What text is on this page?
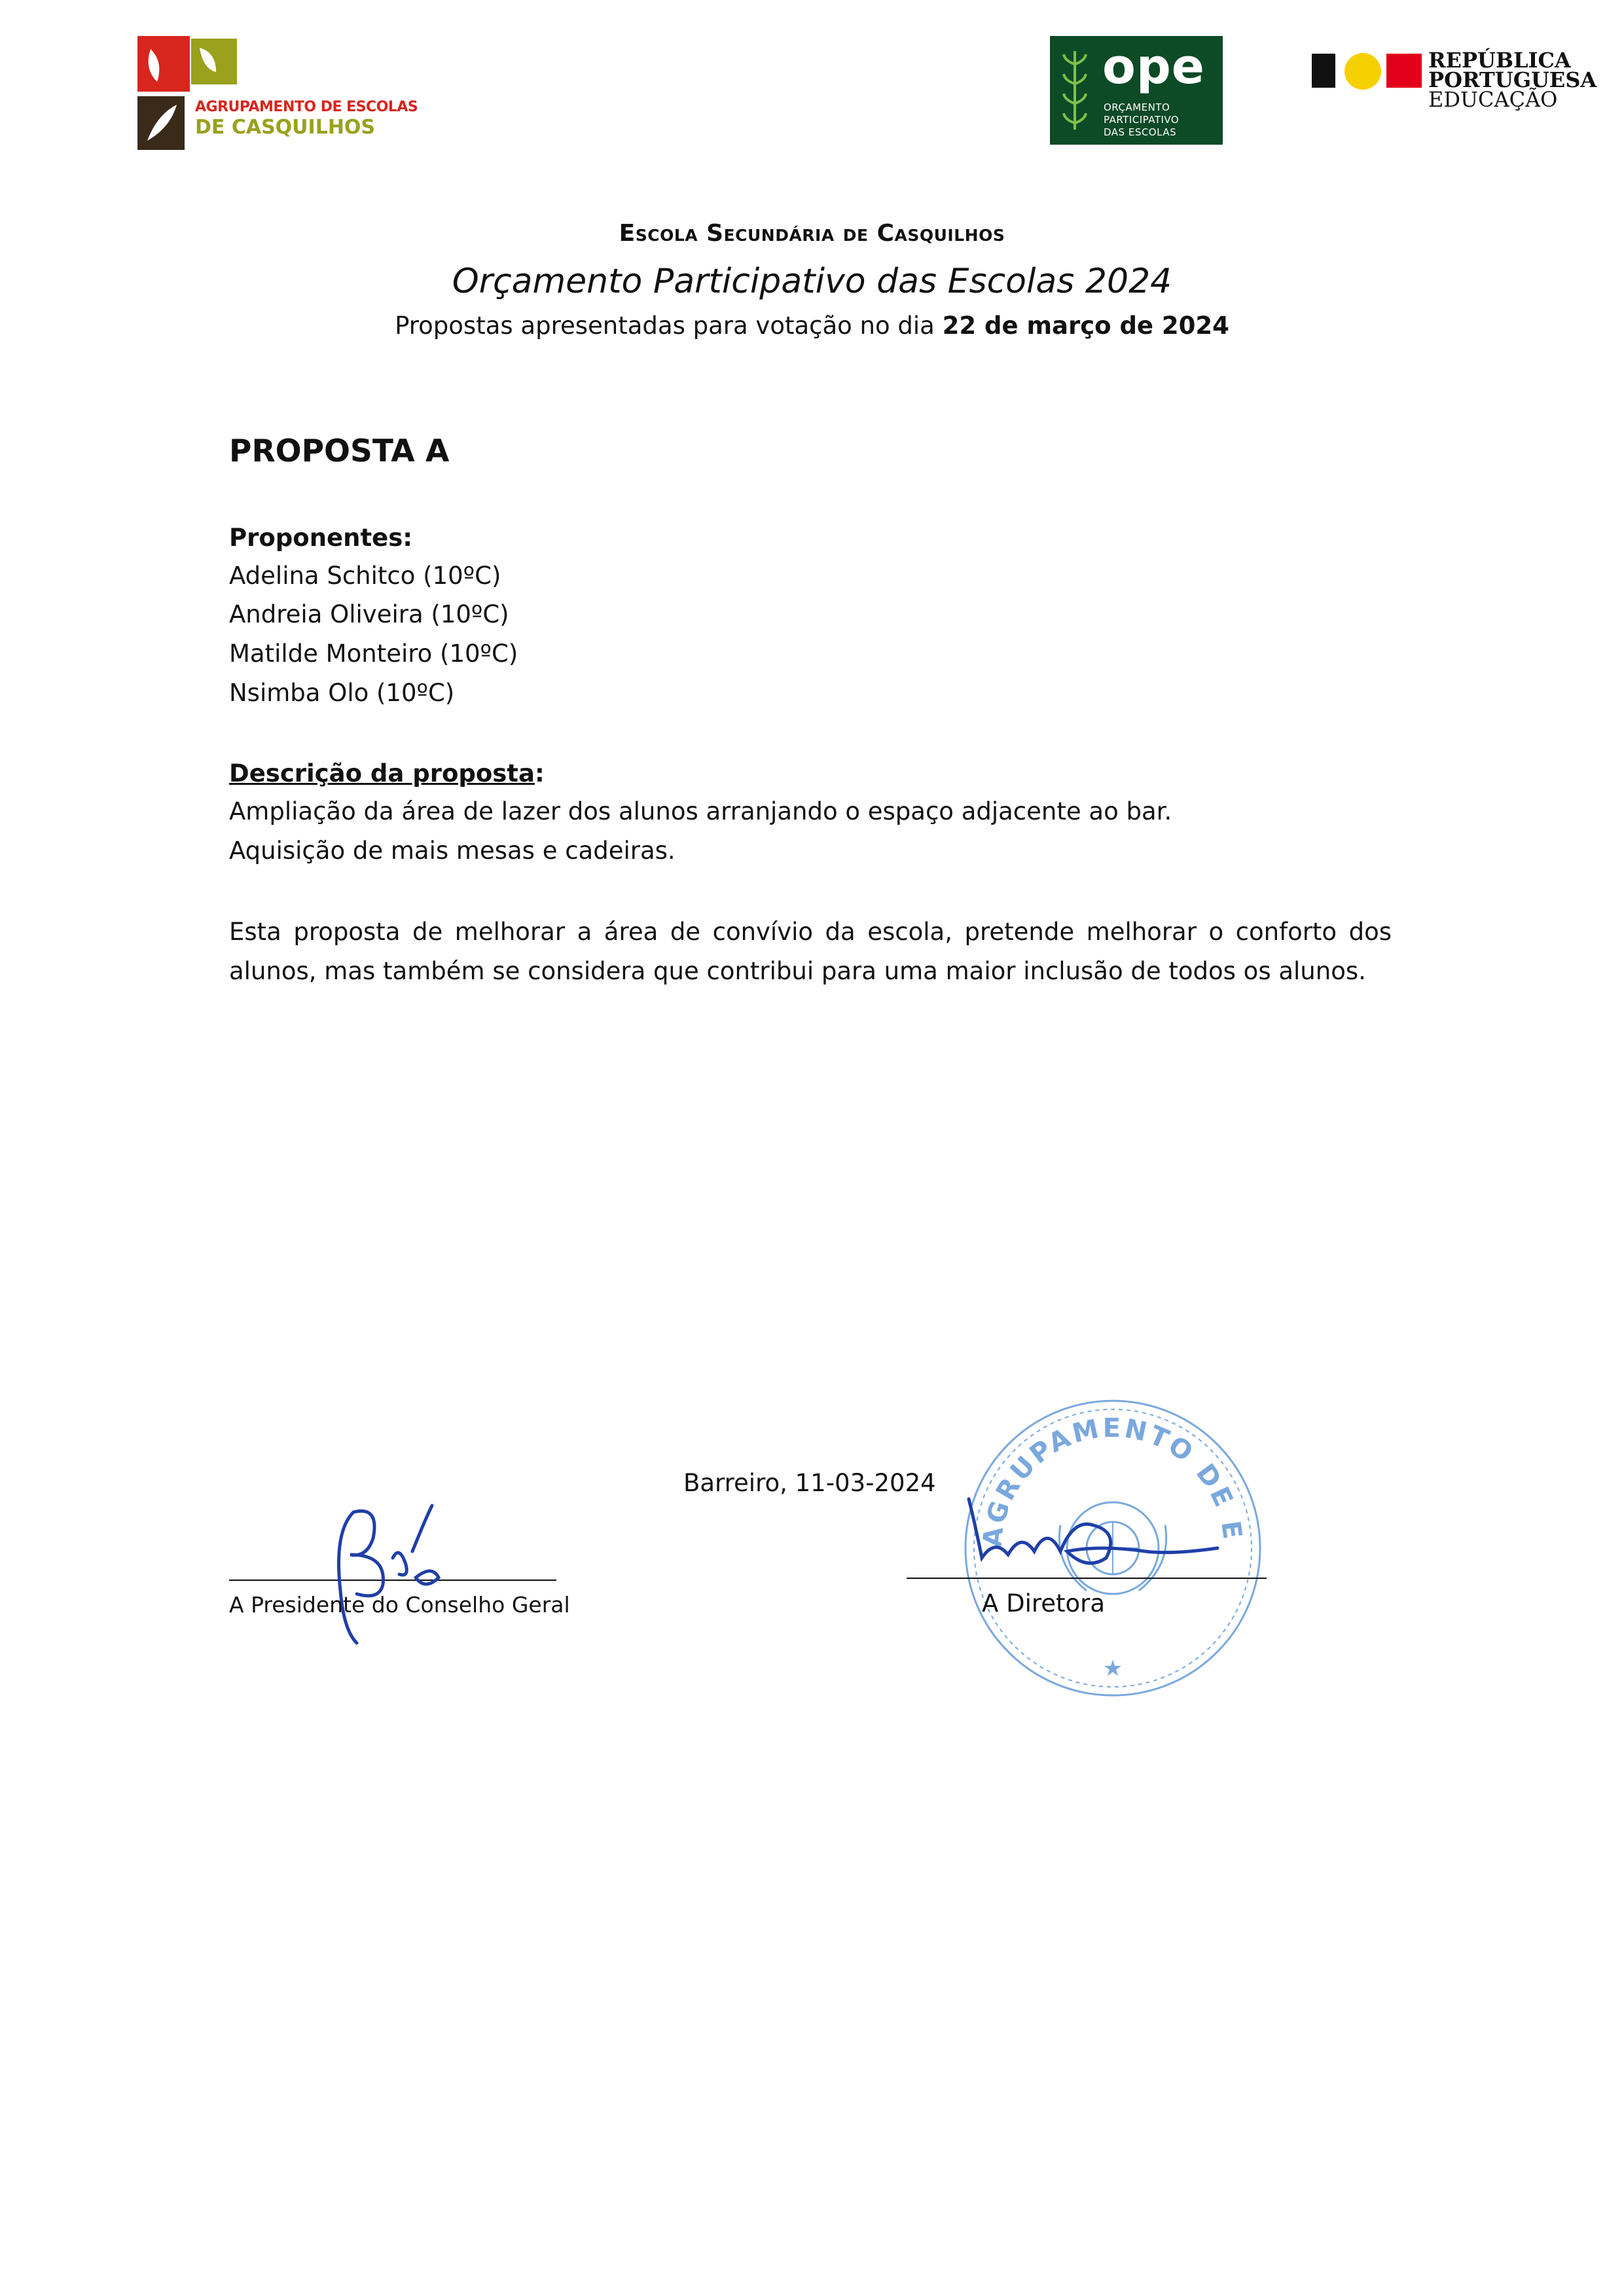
AGRUPAMENTO DE ESCOLAS
DE CASQUILHOS
ope
ORÇAMENTO
PARTICIPATIVO
DAS ESCOLAS
REPÚBLICA
PORTUGUESA
EDUCAÇÃO
Escola Secundária de Casquilhos
Orçamento Participativo das Escolas 2024
Propostas apresentadas para votação no dia 22 de março de 2024
PROPOSTA A
Proponentes:
Adelina Schitco (10ºC)
Andreia Oliveira (10ºC)
Matilde Monteiro (10ºC)
Nsimba Olo (10ºC)
Descrição da proposta:
Ampliação da área de lazer dos alunos arranjando o espaço adjacente ao bar.
Aquisição de mais mesas e cadeiras.
Esta proposta de melhorar a área de convívio da escola, pretende melhorar o conforto dos alunos, mas também se considera que contribui para uma maior inclusão de todos os alunos.
Barreiro, 11-03-2024
AGRUPAMENTO DE E
★
A Presidente do Conselho Geral	A Diretora
